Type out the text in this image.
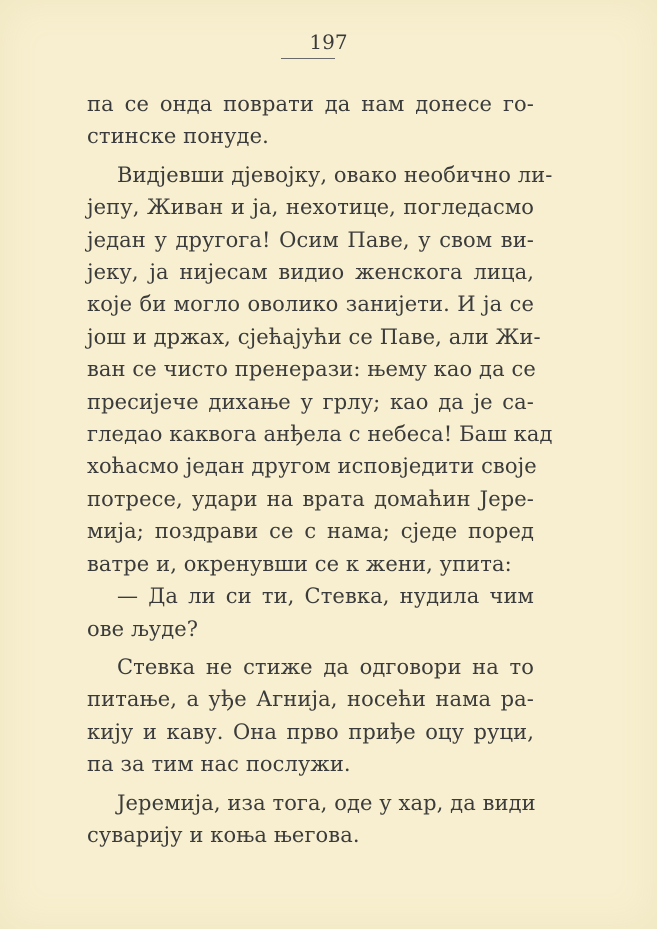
197
па се онда поврати да нам донесе го-
стинске понуде.
Видјевши дјевојку, овако необично ли-
јепу, Живан и ја, нехотице, погледасмо
један у другога! Осим Паве, у свом ви-
јеку, ја нијесам видио женскога лица,
које би могло оволико занијети. И ја се
још и држах, сјећајући се Паве, али Жи-
ван се чисто пренерази: њему као да се
пресијече дихање у грлу; као да је са-
гледао каквога анђела с небеса! Баш кад
хоћасмо један другом исповједити своје
потресе, удари на врата домаћин Јере-
мија; поздрави се с нама; сједе поред
ватре и, окренувши се к жени, упита:
— Да ли си ти, Стевка, нудила чим
ове људе?
Стевка не стиже да одговори на то
питање, а уђе Агнија, носећи нама ра-
кију и каву. Она прво приђе оцу руци,
па за тим нас послужи.
Јеремија, иза тога, оде у хар, да види
суварију и коња његова.
